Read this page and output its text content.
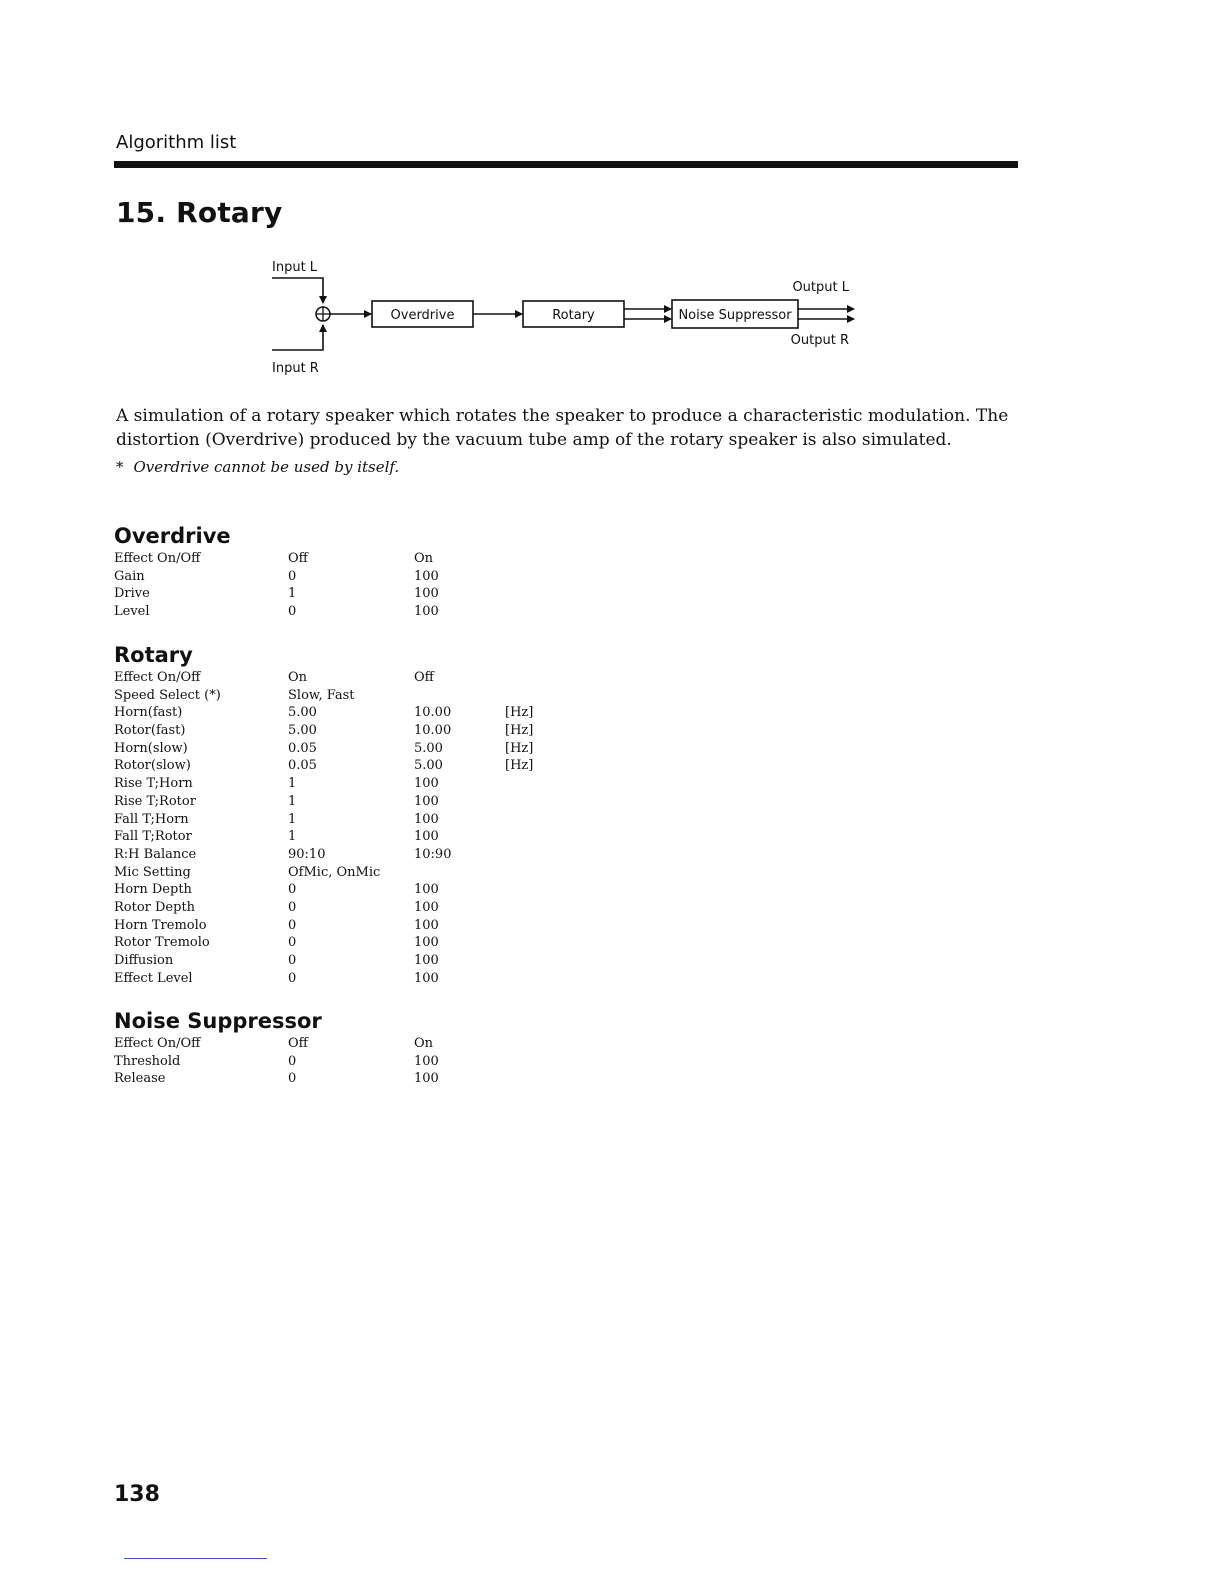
Algorithm list
15. Rotary
Input L
Input R
Overdrive	Rotary	Noise Suppressor
Output L
Output R

A simulation of a rotary speaker which rotates the speaker to produce a characteristic modulation. The distortion (Overdrive) produced by the vacuum tube amp of the rotary speaker is also simulated.

* Overdrive cannot be used by itself.

Overdrive
Effect On/Off	Off	On
Gain	0	100
Drive	1	100
Level	0	100
Rotary
Effect On/Off	On	Off
Speed Select (*)	Slow, Fast
Horn(fast)	5.00	10.00	[Hz]
Rotor(fast)	5.00	10.00	[Hz]
Horn(slow)	0.05	5.00	[Hz]
Rotor(slow)	0.05	5.00	[Hz]
Rise T;Horn	1	100
Rise T;Rotor	1	100
Fall T;Horn	1	100
Fall T;Rotor	1	100
R:H Balance	90:10	10:90
Mic Setting	OfMic, OnMic
Horn Depth	0	100
Rotor Depth	0	100
Horn Tremolo	0	100
Rotor Tremolo	0	100
Diffusion	0	100
Effect Level	0	100
Noise Suppressor
Effect On/Off	Off	On
Threshold	0	100
Release	0	100
138
